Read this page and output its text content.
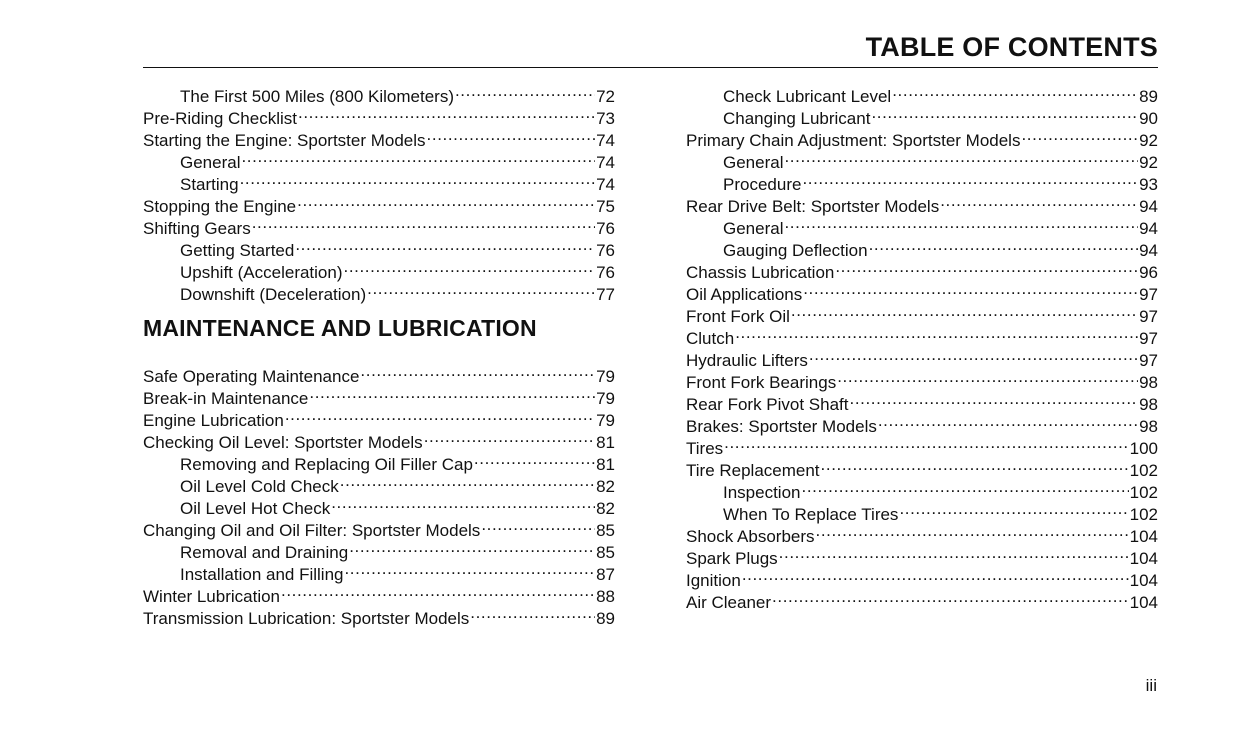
TABLE OF CONTENTS
The First 500 Miles (800 Kilometers) .....	72
Pre-Riding Checklist .....	73
Starting the Engine: Sportster Models .....	74
General .....	74
Starting .....	74
Stopping the Engine .....	75
Shifting Gears .....	76
Getting Started .....	76
Upshift (Acceleration) .....	76
Downshift (Deceleration) .....	77
MAINTENANCE AND LUBRICATION
Safe Operating Maintenance .....	79
Break-in Maintenance .....	79
Engine Lubrication .....	79
Checking Oil Level: Sportster Models .....	81
Removing and Replacing Oil Filler Cap .....	81
Oil Level Cold Check .....	82
Oil Level Hot Check .....	82
Changing Oil and Oil Filter: Sportster Models .....	85
Removal and Draining .....	85
Installation and Filling .....	87
Winter Lubrication .....	88
Transmission Lubrication: Sportster Models .....	89
Check Lubricant Level .....	89
Changing Lubricant .....	90
Primary Chain Adjustment: Sportster Models .....	92
General .....	92
Procedure .....	93
Rear Drive Belt: Sportster Models .....	94
General .....	94
Gauging Deflection .....	94
Chassis Lubrication .....	96
Oil Applications .....	97
Front Fork Oil .....	97
Clutch .....	97
Hydraulic Lifters .....	97
Front Fork Bearings .....	98
Rear Fork Pivot Shaft .....	98
Brakes: Sportster Models .....	98
Tires .....	100
Tire Replacement .....	102
Inspection .....	102
When To Replace Tires .....	102
Shock Absorbers .....	104
Spark Plugs .....	104
Ignition .....	104
Air Cleaner .....	104
iii
